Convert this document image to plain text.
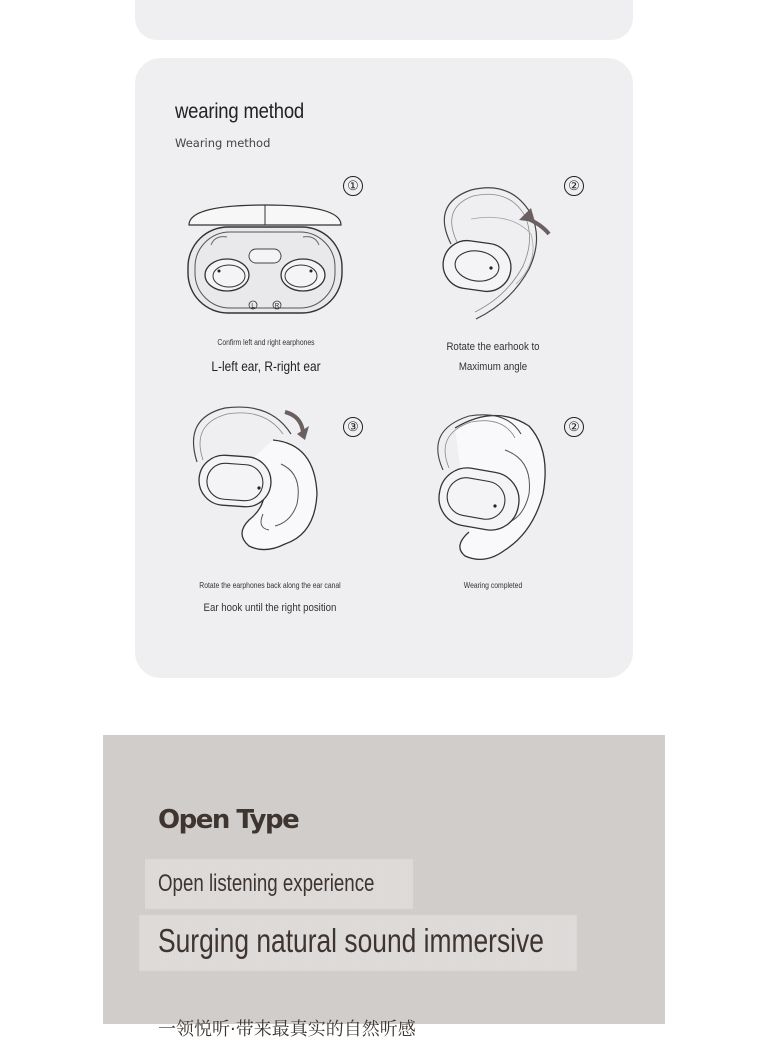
wearing method
Wearing method
①
L	R
Confirm left and right earphones
L-left ear, R-right ear
②
Rotate the earhook to
Maximum angle
③
Rotate the earphones back along the ear canal
Ear hook until the right position
②
Wearing completed
Open Type
Open listening experience
Surging natural sound immersive
一领悦听·带来最真实的自然听感
